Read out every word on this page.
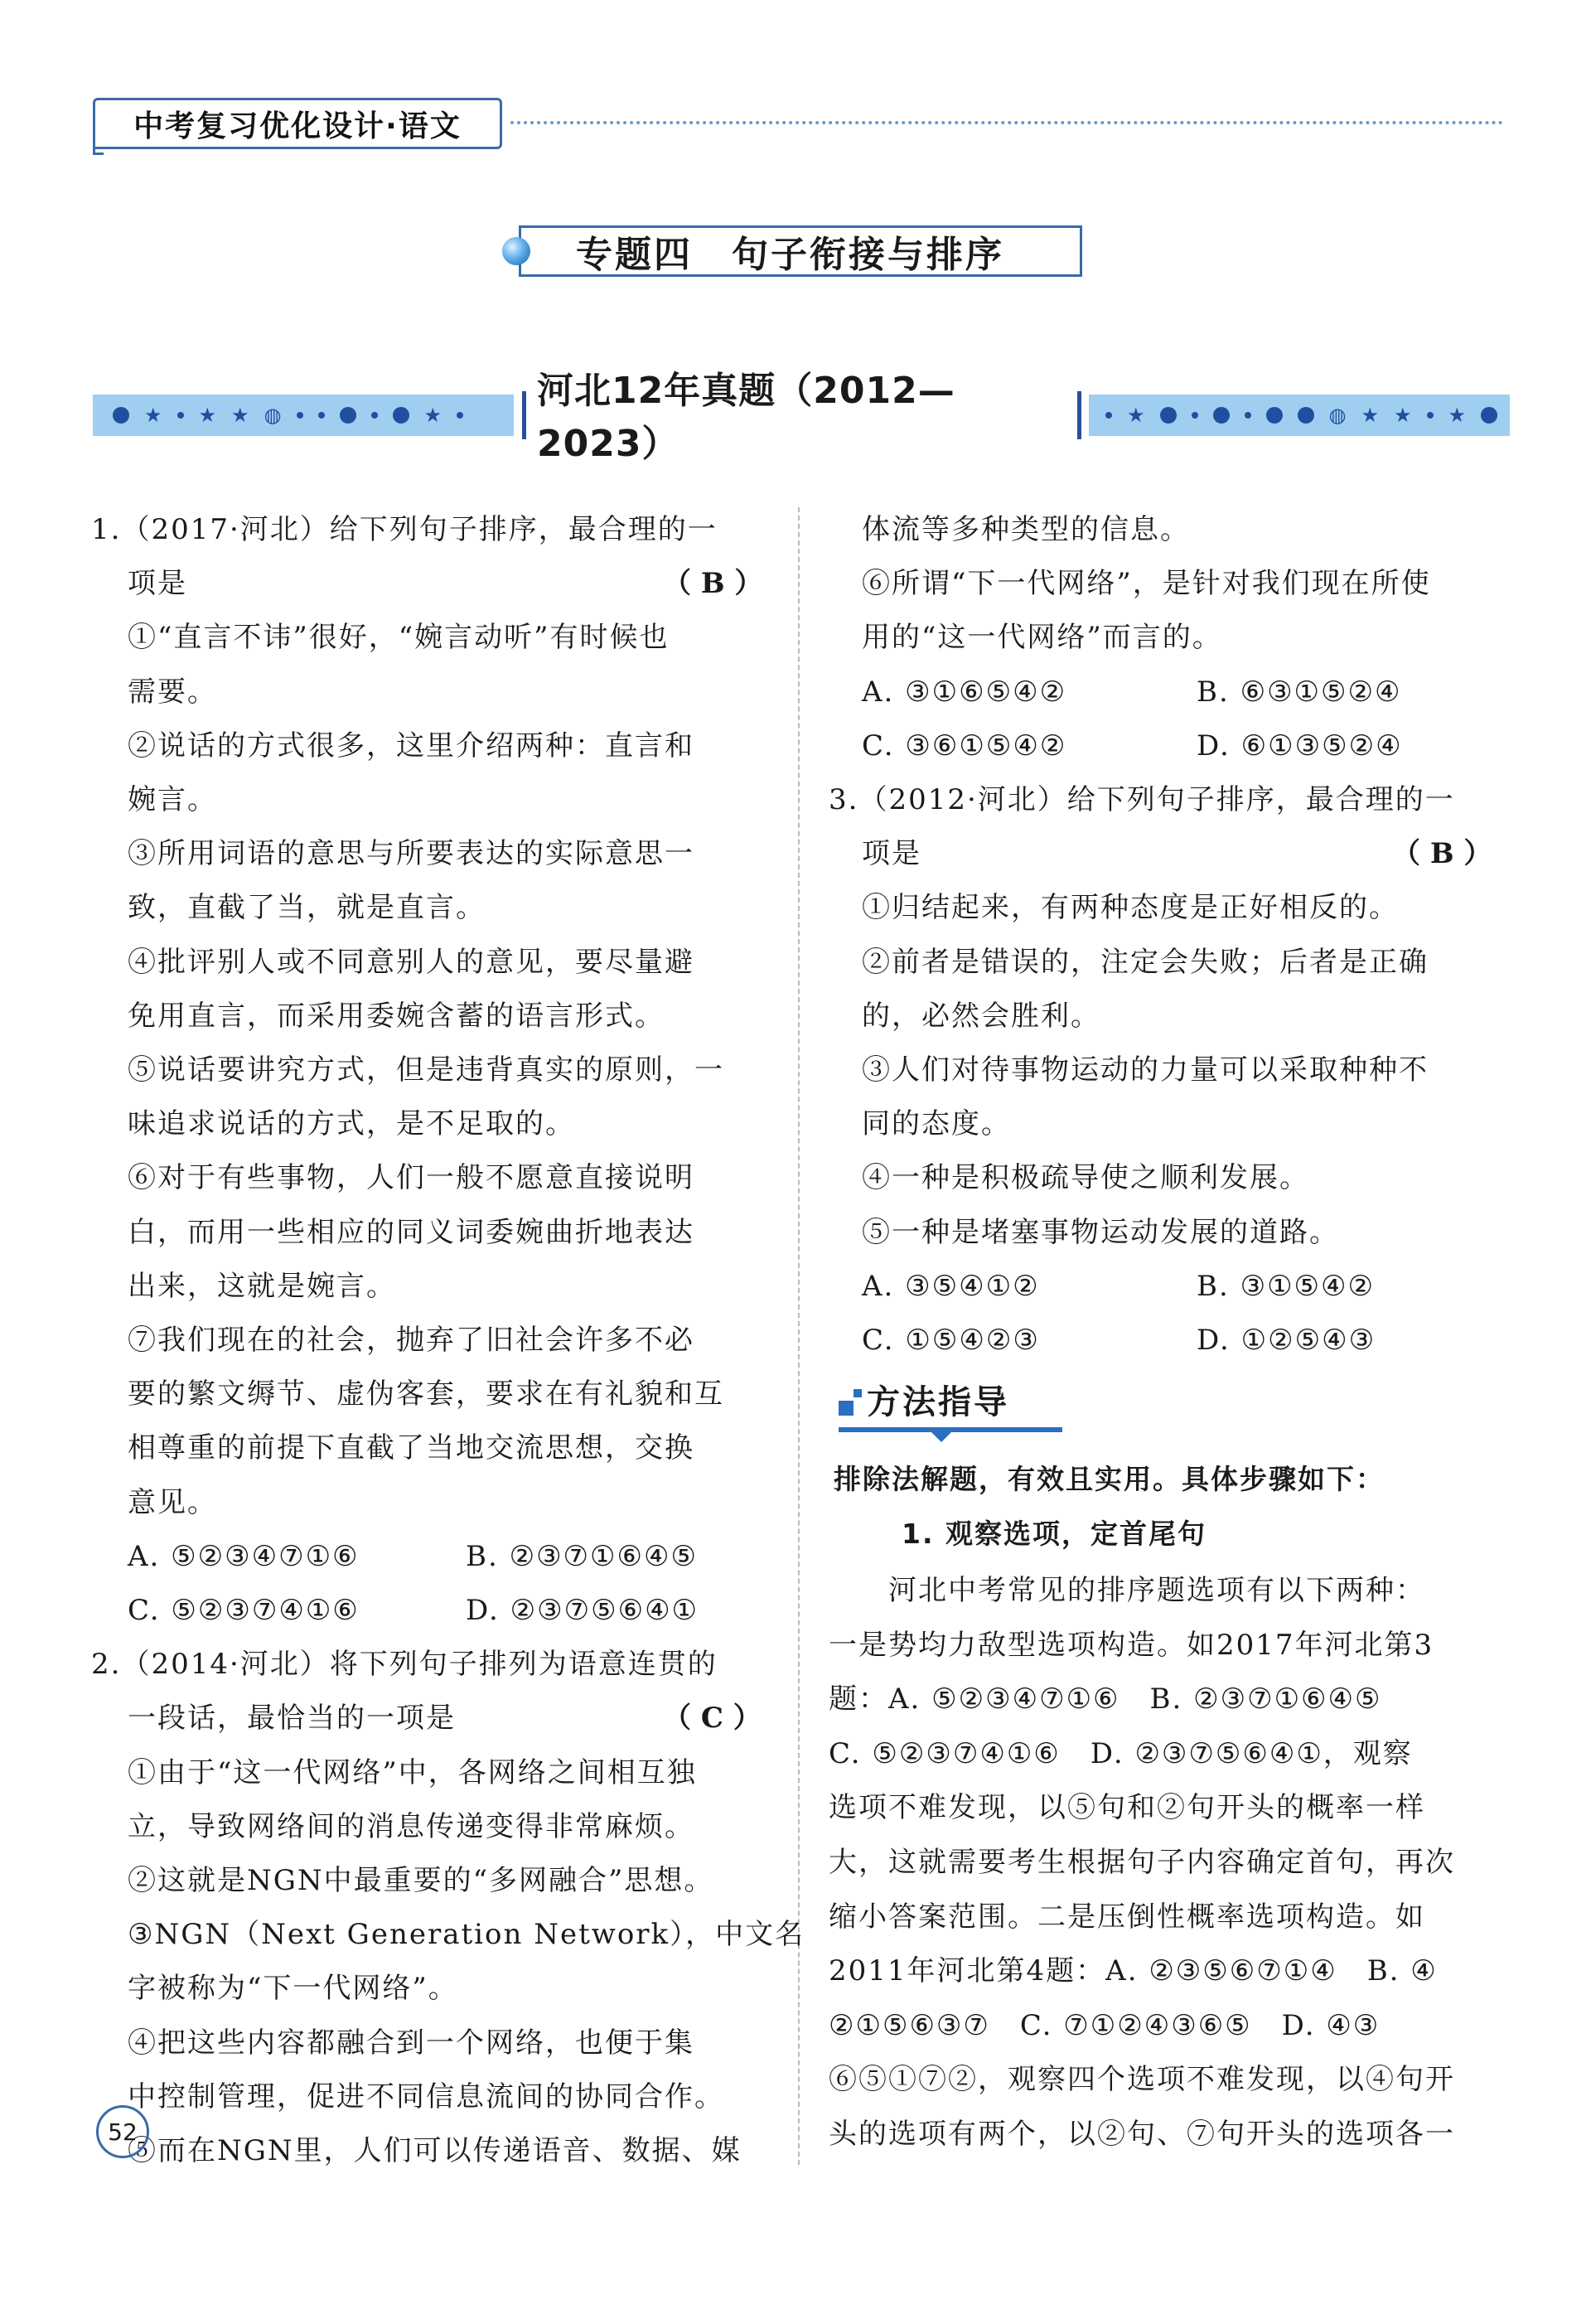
中考复习优化设计·语文
专题四　句子衔接与排序
★ ★ ★ ◍	★
河北12年真题（2012—2023）
★	◍ ★ ★ ★
1.（2017·河北）给下列句子排序，最合理的一
项是	（ B ）
①“直言不讳”很好，“婉言动听”有时候也
需要。
②说话的方式很多，这里介绍两种：直言和
婉言。
③所用词语的意思与所要表达的实际意思一
致，直截了当，就是直言。
④批评别人或不同意别人的意见，要尽量避
免用直言，而采用委婉含蓄的语言形式。
⑤说话要讲究方式，但是违背真实的原则，一
味追求说话的方式，是不足取的。
⑥对于有些事物，人们一般不愿意直接说明
白，而用一些相应的同义词委婉曲折地表达
出来，这就是婉言。
⑦我们现在的社会，抛弃了旧社会许多不必
要的繁文缛节、虚伪客套，要求在有礼貌和互
相尊重的前提下直截了当地交流思想，交换
意见。
A. ⑤②③④⑦①⑥	B. ②③⑦①⑥④⑤
C. ⑤②③⑦④①⑥	D. ②③⑦⑤⑥④①
2.（2014·河北）将下列句子排列为语意连贯的
一段话，最恰当的一项是	（ C ）
①由于“这一代网络”中，各网络之间相互独
立，导致网络间的消息传递变得非常麻烦。
②这就是NGN中最重要的“多网融合”思想。
③NGN（Next Generation Network），中文名
字被称为“下一代网络”。
④把这些内容都融合到一个网络，也便于集
中控制管理，促进不同信息流间的协同合作。
⑤而在NGN里，人们可以传递语音、数据、媒
体流等多种类型的信息。
⑥所谓“下一代网络”，是针对我们现在所使
用的“这一代网络”而言的。
A. ③①⑥⑤④②	B. ⑥③①⑤②④
C. ③⑥①⑤④②	D. ⑥①③⑤②④
3.（2012·河北）给下列句子排序，最合理的一
项是	（ B ）
①归结起来，有两种态度是正好相反的。
②前者是错误的，注定会失败；后者是正确
的，必然会胜利。
③人们对待事物运动的力量可以采取种种不
同的态度。
④一种是积极疏导使之顺利发展。
⑤一种是堵塞事物运动发展的道路。
A. ③⑤④①②	B. ③①⑤④②
C. ①⑤④②③	D. ①②⑤④③
方法指导
排除法解题，有效且实用。具体步骤如下：
1. 观察选项，定首尾句
　　河北中考常见的排序题选项有以下两种：
一是势均力敌型选项构造。如2017年河北第3
题：A. ⑤②③④⑦①⑥　B. ②③⑦①⑥④⑤
C. ⑤②③⑦④①⑥　D. ②③⑦⑤⑥④①，观察
选项不难发现，以⑤句和②句开头的概率一样
大，这就需要考生根据句子内容确定首句，再次
缩小答案范围。二是压倒性概率选项构造。如
2011年河北第4题：A. ②③⑤⑥⑦①④　B. ④
②①⑤⑥③⑦　C. ⑦①②④③⑥⑤　D. ④③
⑥⑤①⑦②，观察四个选项不难发现，以④句开
头的选项有两个，以②句、⑦句开头的选项各一
52
